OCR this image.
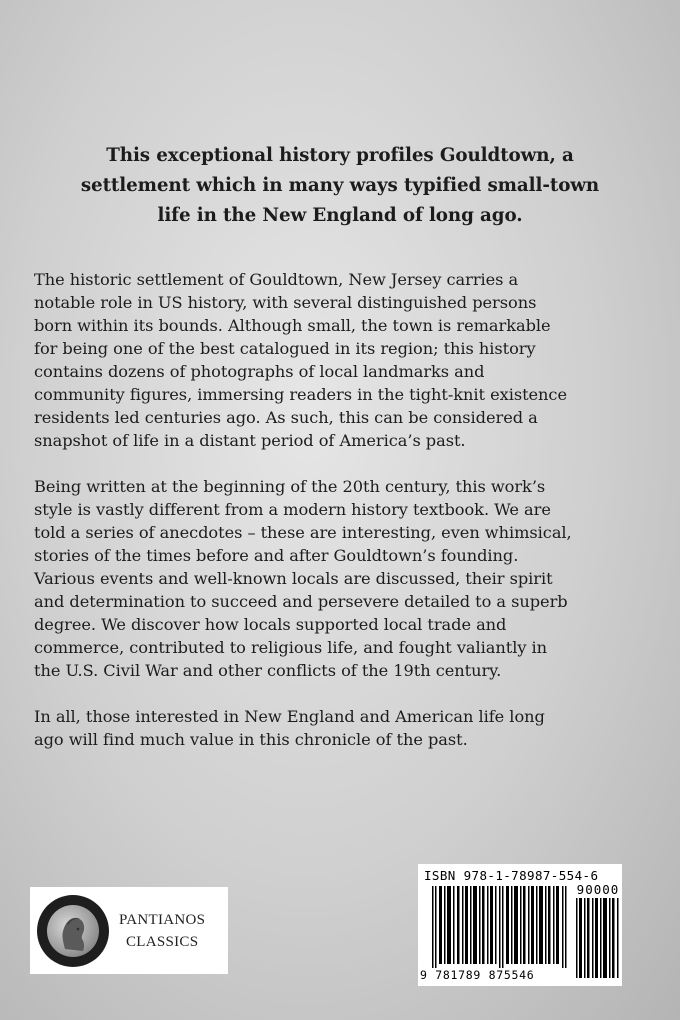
This exceptional history profiles Gouldtown, a
settlement which in many ways typified small-town
life in the New England of long ago.

The historic settlement of Gouldtown, New Jersey carries a
notable role in US history, with several distinguished persons
born within its bounds. Although small, the town is remarkable
for being one of the best catalogued in its region; this history
contains dozens of photographs of local landmarks and
community figures, immersing readers in the tight-knit existence
residents led centuries ago. As such, this can be considered a
snapshot of life in a distant period of America’s past.

Being written at the beginning of the 20th century, this work’s
style is vastly different from a modern history textbook. We are
told a series of anecdotes – these are interesting, even whimsical,
stories of the times before and after Gouldtown’s founding.
Various events and well-known locals are discussed, their spirit
and determination to succeed and persevere detailed to a superb
degree. We discover how locals supported local trade and
commerce, contributed to religious life, and fought valiantly in
the U.S. Civil War and other conflicts of the 19th century.

In all, those interested in New England and American life long
ago will find much value in this chronicle of the past.

PANTIANOS
CLASSICS
ISBN 978-1-78987-554-6
90000
9 781789 875546
